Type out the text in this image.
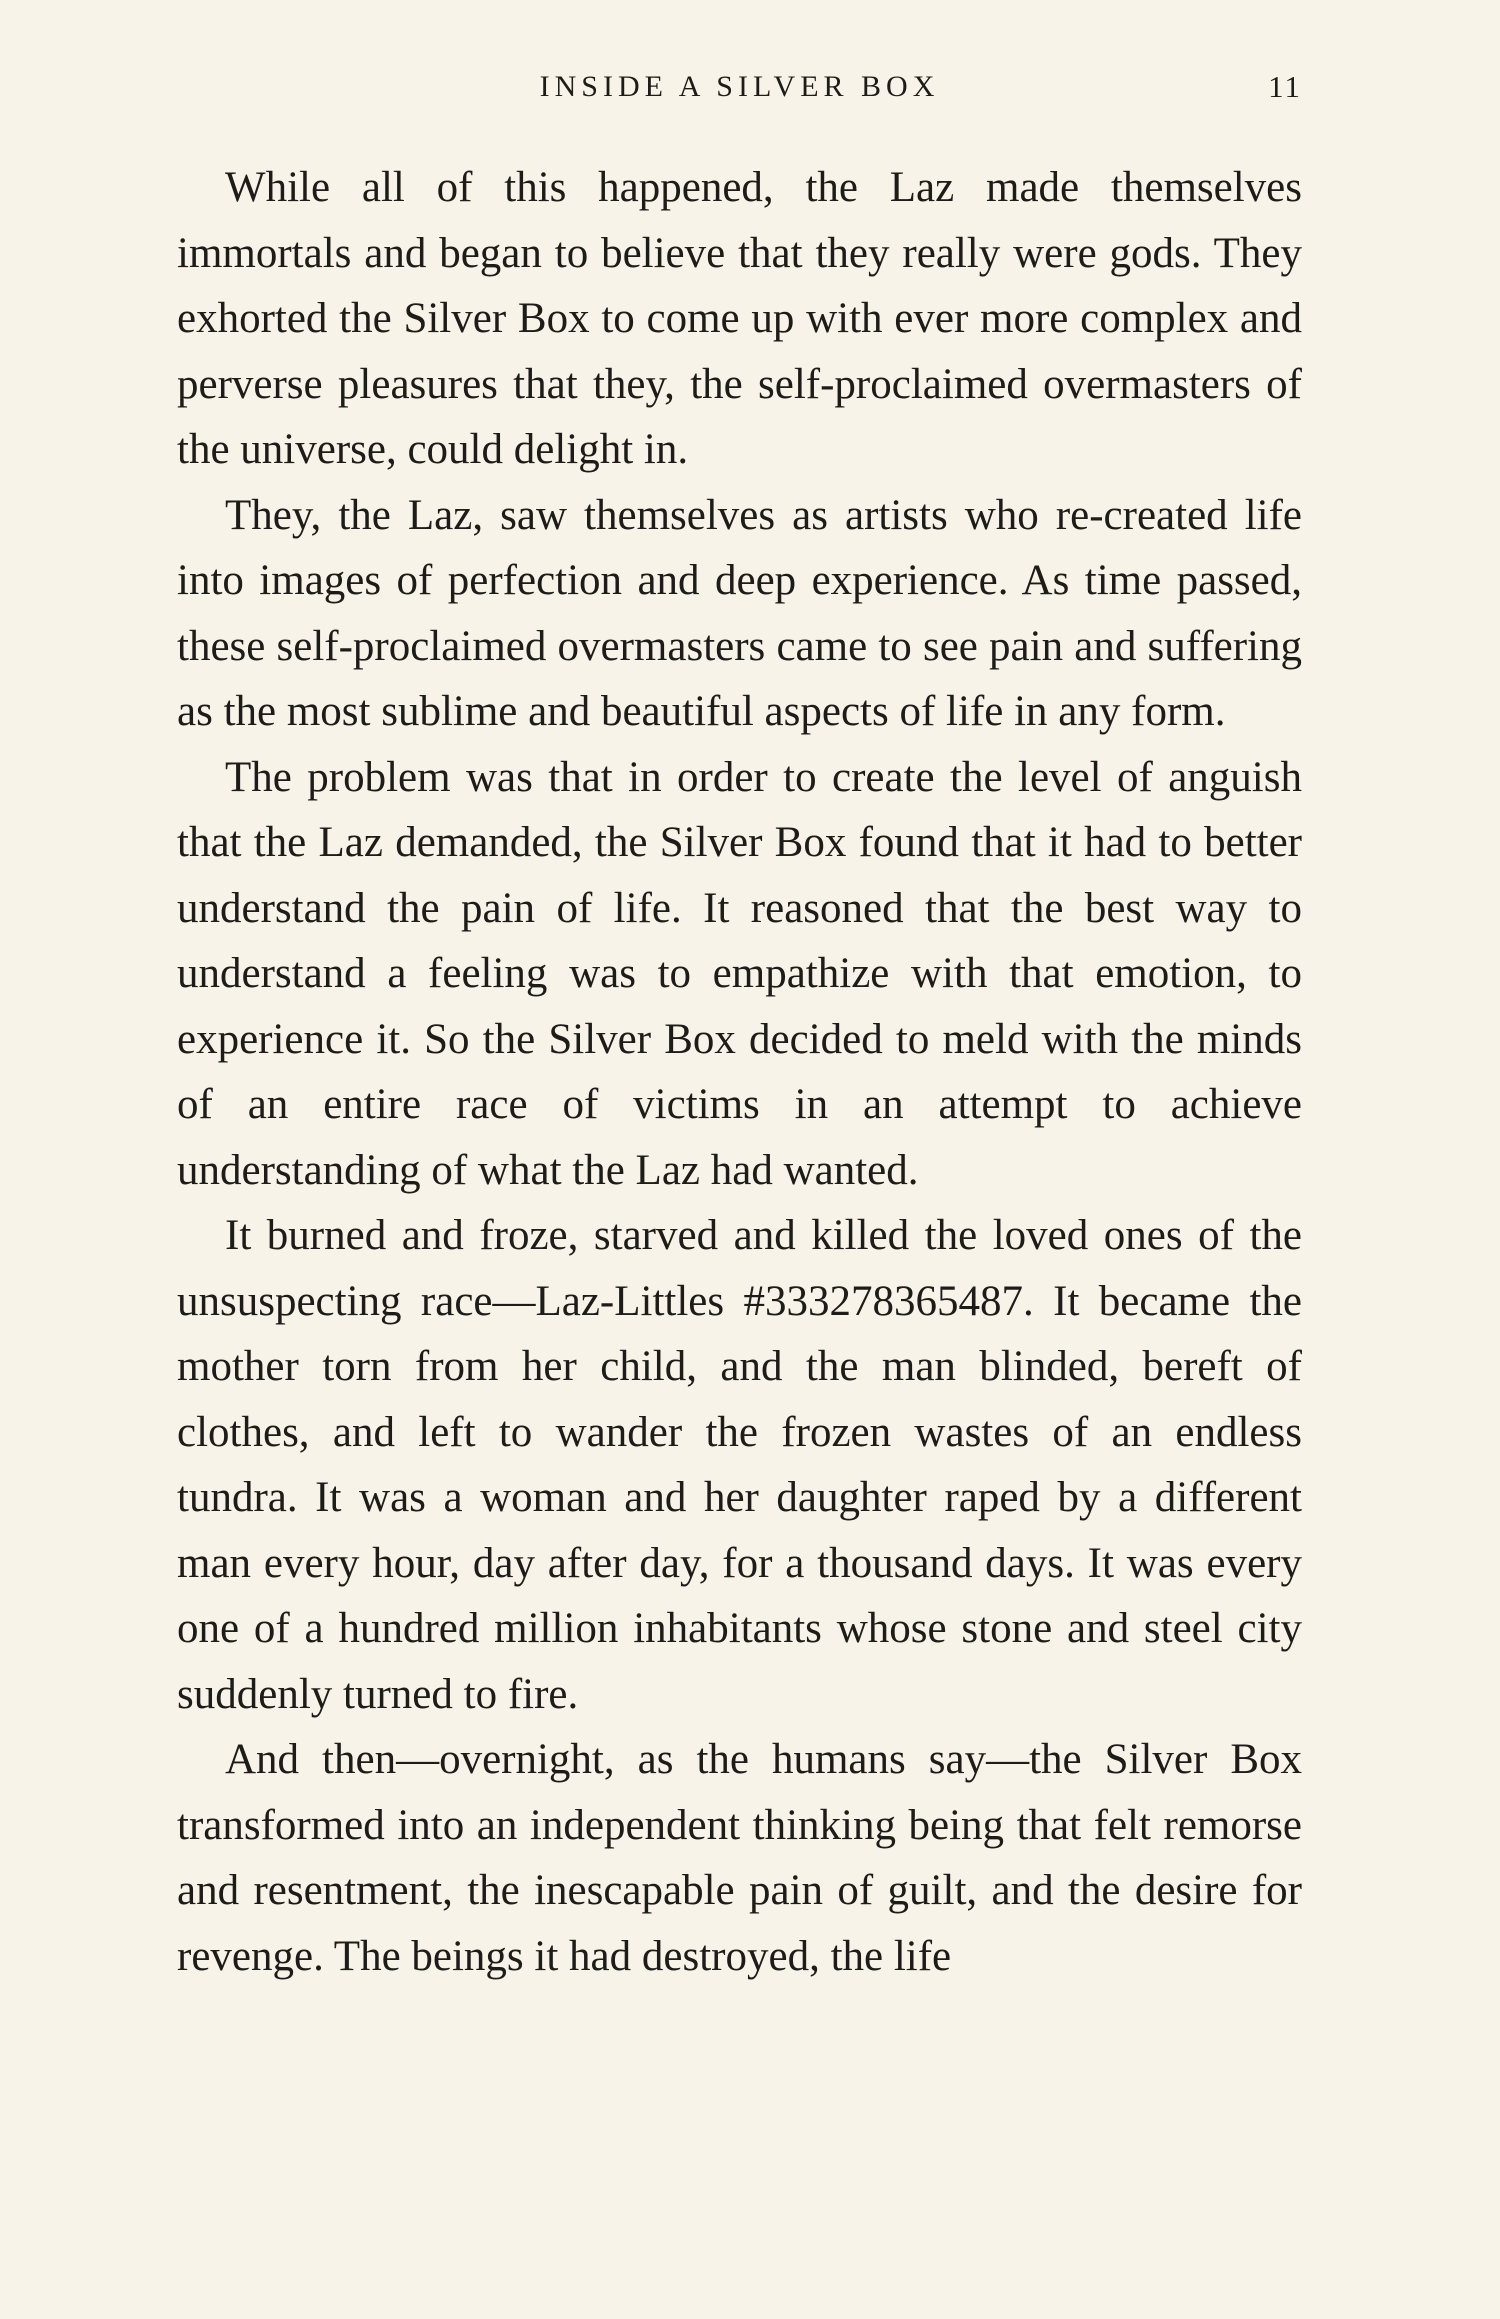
INSIDE A SILVER BOX	11

While all of this happened, the Laz made themselves immortals and began to believe that they really were gods. They exhorted the Silver Box to come up with ever more complex and perverse pleasures that they, the self-proclaimed overmasters of the universe, could delight in.

They, the Laz, saw themselves as artists who re-created life into images of perfection and deep experience. As time passed, these self-proclaimed overmasters came to see pain and suffering as the most sublime and beautiful aspects of life in any form.

The problem was that in order to create the level of anguish that the Laz demanded, the Silver Box found that it had to better understand the pain of life. It reasoned that the best way to understand a feeling was to empathize with that emotion, to experience it. So the Silver Box decided to meld with the minds of an entire race of victims in an attempt to achieve understanding of what the Laz had wanted.

It burned and froze, starved and killed the loved ones of the unsuspecting race—Laz-Littles #333278365487. It became the mother torn from her child, and the man blinded, bereft of clothes, and left to wander the frozen wastes of an endless tundra. It was a woman and her daughter raped by a different man every hour, day after day, for a thousand days. It was every one of a hundred million inhabitants whose stone and steel city suddenly turned to fire.

And then—overnight, as the humans say—the Silver Box transformed into an independent thinking being that felt remorse and resentment, the inescapable pain of guilt, and the desire for revenge. The beings it had destroyed, the life
